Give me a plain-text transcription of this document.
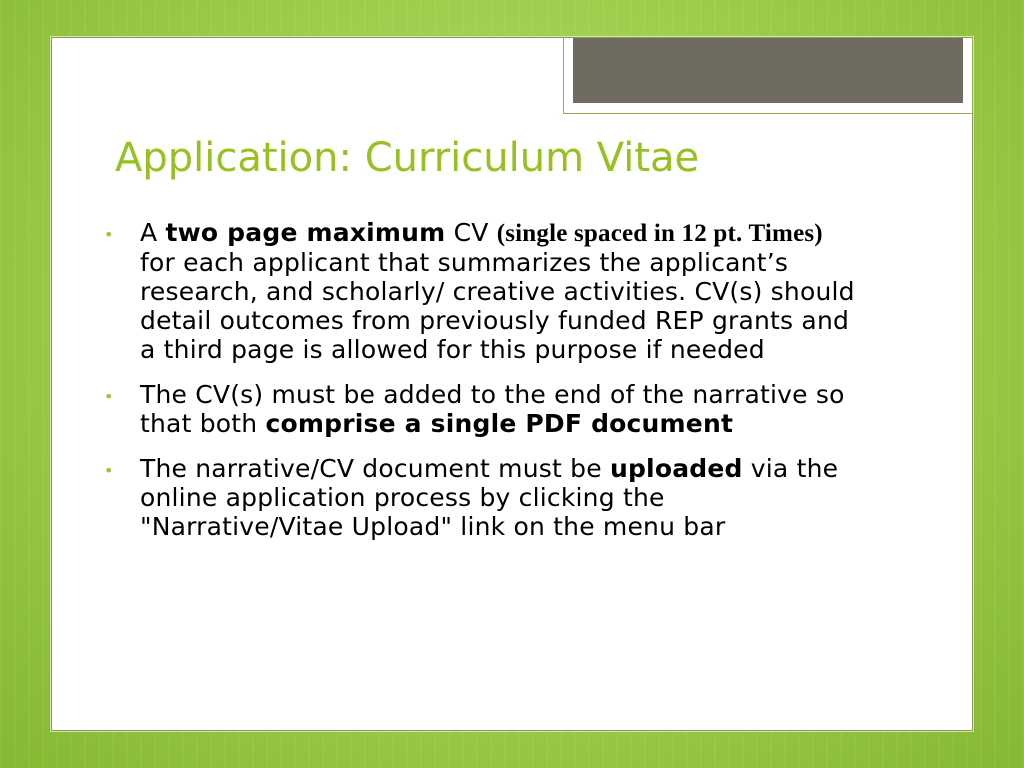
Application: Curriculum Vitae
• A two page maximum CV (single spaced in 12 pt. Times) for each applicant that summarizes the applicant’s research, and scholarly/ creative activities. CV(s) should detail outcomes from previously funded REP grants and a third page is allowed for this purpose if needed
• The CV(s) must be added to the end of the narrative so that both comprise a single PDF document
• The narrative/CV document must be uploaded via the online application process by clicking the "Narrative/Vitae Upload" link on the menu bar
